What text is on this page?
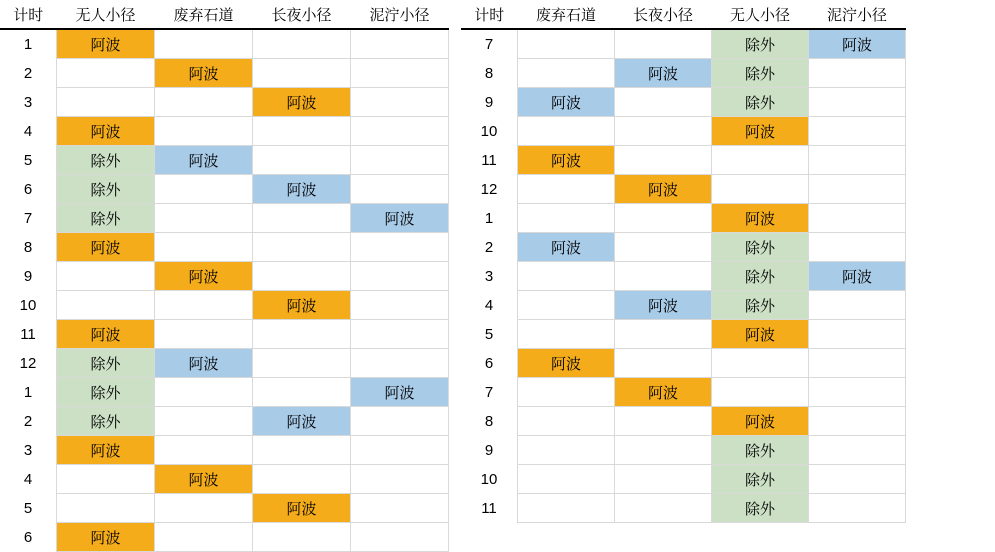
计时	无人小径	废弃石道	长夜小径	泥泞小径
1	阿波			
2		阿波		
3			阿波	
4	阿波			
5	除外	阿波		
6	除外		阿波	
7	除外			阿波
8	阿波			
9		阿波		
10			阿波	
11	阿波			
12	除外	阿波		
1	除外			阿波
2	除外		阿波	
3	阿波			
4		阿波		
5			阿波	
6	阿波			
计时	废弃石道	长夜小径	无人小径	泥泞小径
7			除外	阿波
8		阿波	除外	
9	阿波		除外	
10			阿波	
11	阿波			
12		阿波		
1			阿波	
2	阿波		除外	
3			除外	阿波
4		阿波	除外	
5			阿波	
6	阿波			
7		阿波		
8			阿波	
9			除外	
10			除外	
11			除外	
